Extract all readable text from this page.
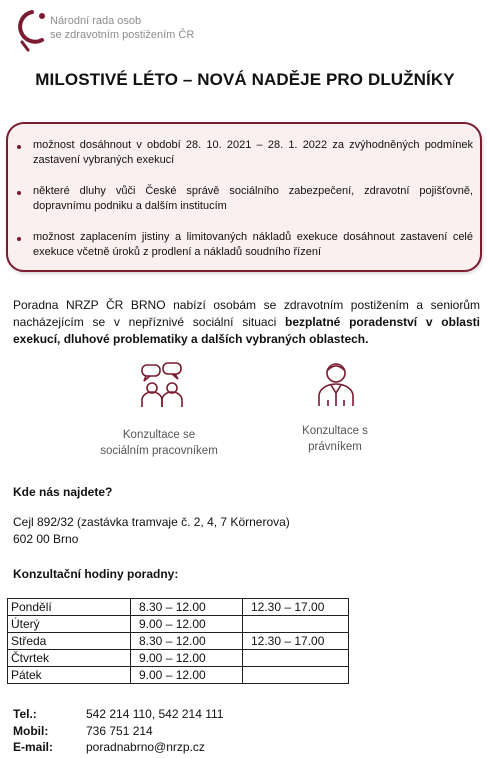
Národní rada osob
se zdravotním postižením ČR
MILOSTIVÉ LÉTO – NOVÁ NADĚJE PRO DLUŽNÍKY
možnost dosáhnout v období 28. 10. 2021 – 28. 1. 2022 za zvýhodněných podmínek zastavení vybraných exekucí
některé dluhy vůči České správě sociálního zabezpečení, zdravotní pojišťovně, dopravnímu podniku a dalším institucím
možnost zaplacením jistiny a limitovaných nákladů exekuce dosáhnout zastavení celé exekuce včetně úroků z prodlení a nákladů soudního řízení
Poradna NRZP ČR BRNO nabízí osobám se zdravotním postižením a seniorům nacházejícím se v nepříznivé sociální situaci bezplatné poradenství v oblasti exekucí, dluhové problematiky a dalších vybraných oblastech.
Konzultace se
sociálním pracovníkem
Konzultace s
právníkem
Kde nás najdete?
Cejl 892/32 (zastávka tramvaje č. 2, 4, 7 Körnerova)
602 00 Brno
Konzultační hodiny poradny:
Pondělí	8.30 – 12.00	12.30 – 17.00
Úterý	9.00 – 12.00	
Středa	8.30 – 12.00	12.30 – 17.00
Čtvrtek	9.00 – 12.00	
Pátek	9.00 – 12.00	
Tel.:	542 214 110, 542 214 111
Mobil:	736 751 214
E-mail:	poradnabrno@nrzp.cz
